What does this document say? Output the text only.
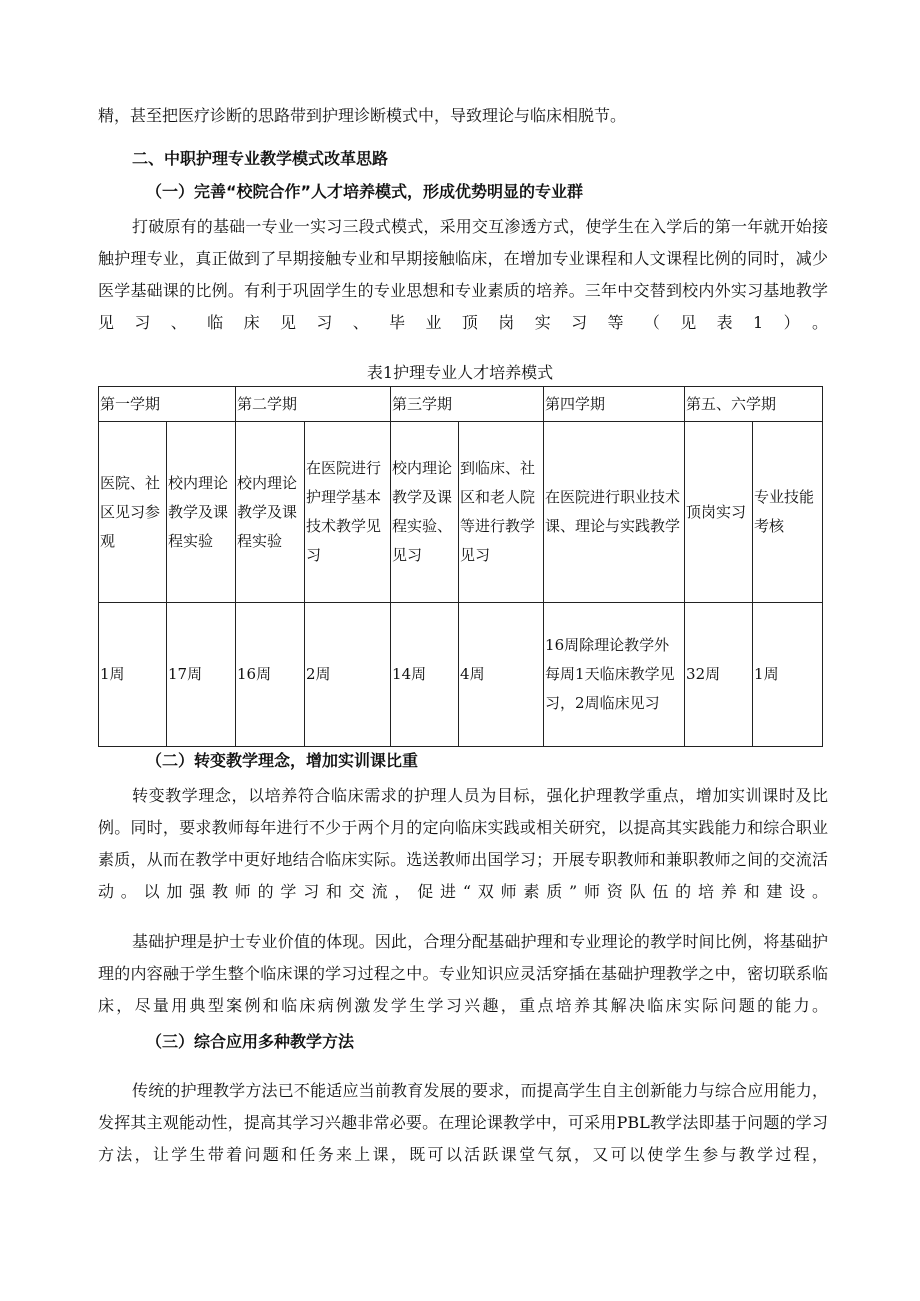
精，甚至把医疗诊断的思路带到护理诊断模式中，导致理论与临床相脱节。

二、中职护理专业教学模式改革思路

（一）完善“校院合作”人才培养模式，形成优势明显的专业群

打破原有的基础一专业一实习三段式模式，采用交互渗透方式，使学生在入学后的第一年就开始接触护理专业，真正做到了早期接触专业和早期接触临床，在增加专业课程和人文课程比例的同时，减少医学基础课的比例。有利于巩固学生的专业思想和专业素质的培养。三年中交替到校内外实习基地教学见习、临床见习、毕业顶岗实习等（见表1）。

表1护理专业人才培养模式

第一学期		第二学期		第三学期		第四学期	第五、六学期	
医院、社区见习参观	校内理论教学及课程实验	校内理论教学及课程实验	在医院进行护理学基本技术教学见习	校内理论教学及课程实验、见习	到临床、社区和老人院等进行教学见习	在医院进行职业技术课、理论与实践教学	顶岗实习	专业技能考核
1周	17周	16周	2周	14周	4周	16周除理论教学外每周1天临床教学见习，2周临床见习	32周	1周

（二）转变教学理念，增加实训课比重

转变教学理念，以培养符合临床需求的护理人员为目标，强化护理教学重点，增加实训课时及比例。同时，要求教师每年进行不少于两个月的定向临床实践或相关研究，以提高其实践能力和综合职业素质，从而在教学中更好地结合临床实际。选送教师出国学习；开展专职教师和兼职教师之间的交流活动。以加强教师的学习和交流，促进“双师素质”师资队伍的培养和建设。

基础护理是护士专业价值的体现。因此，合理分配基础护理和专业理论的教学时间比例，将基础护理的内容融于学生整个临床课的学习过程之中。专业知识应灵活穿插在基础护理教学之中，密切联系临床，尽量用典型案例和临床病例激发学生学习兴趣，重点培养其解决临床实际问题的能力。

（三）综合应用多种教学方法

传统的护理教学方法已不能适应当前教育发展的要求，而提高学生自主创新能力与综合应用能力，发挥其主观能动性，提高其学习兴趣非常必要。在理论课教学中，可采用PBL教学法即基于问题的学习方法，让学生带着问题和任务来上课，既可以活跃课堂气氛，又可以使学生参与教学过程，
